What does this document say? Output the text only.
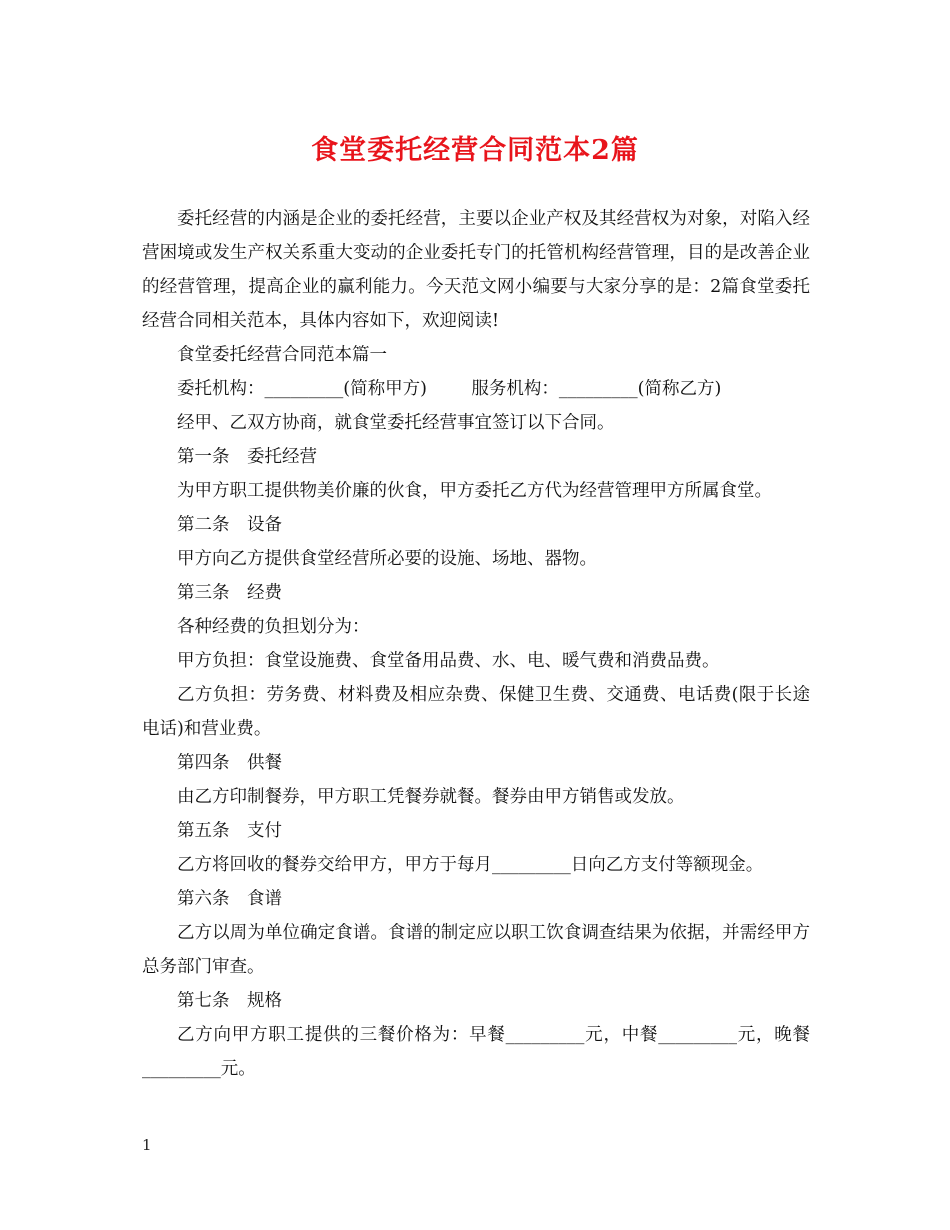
食堂委托经营合同范本2篇

委托经营的内涵是企业的委托经营，主要以企业产权及其经营权为对象，对陷入经营困境或发生产权关系重大变动的企业委托专门的托管机构经营管理，目的是改善企业的经营管理，提高企业的赢利能力。今天范文网小编要与大家分享的是：2篇食堂委托经营合同相关范本，具体内容如下，欢迎阅读!

食堂委托经营合同范本篇一

委托机构：_________(简称甲方)	服务机构：_________(简称乙方)

经甲、乙双方协商，就食堂委托经营事宜签订以下合同。

第一条　委托经营

为甲方职工提供物美价廉的伙食，甲方委托乙方代为经营管理甲方所属食堂。

第二条　设备

甲方向乙方提供食堂经营所必要的设施、场地、器物。

第三条　经费

各种经费的负担划分为：

甲方负担：食堂设施费、食堂备用品费、水、电、暖气费和消费品费。

乙方负担：劳务费、材料费及相应杂费、保健卫生费、交通费、电话费(限于长途电话)和营业费。

第四条　供餐

由乙方印制餐券，甲方职工凭餐券就餐。餐券由甲方销售或发放。

第五条　支付

乙方将回收的餐券交给甲方，甲方于每月_________日向乙方支付等额现金。

第六条　食谱

乙方以周为单位确定食谱。食谱的制定应以职工饮食调查结果为依据，并需经甲方总务部门审查。

第七条　规格

乙方向甲方职工提供的三餐价格为：早餐_________元，中餐_________元，晚餐_________元。

1
